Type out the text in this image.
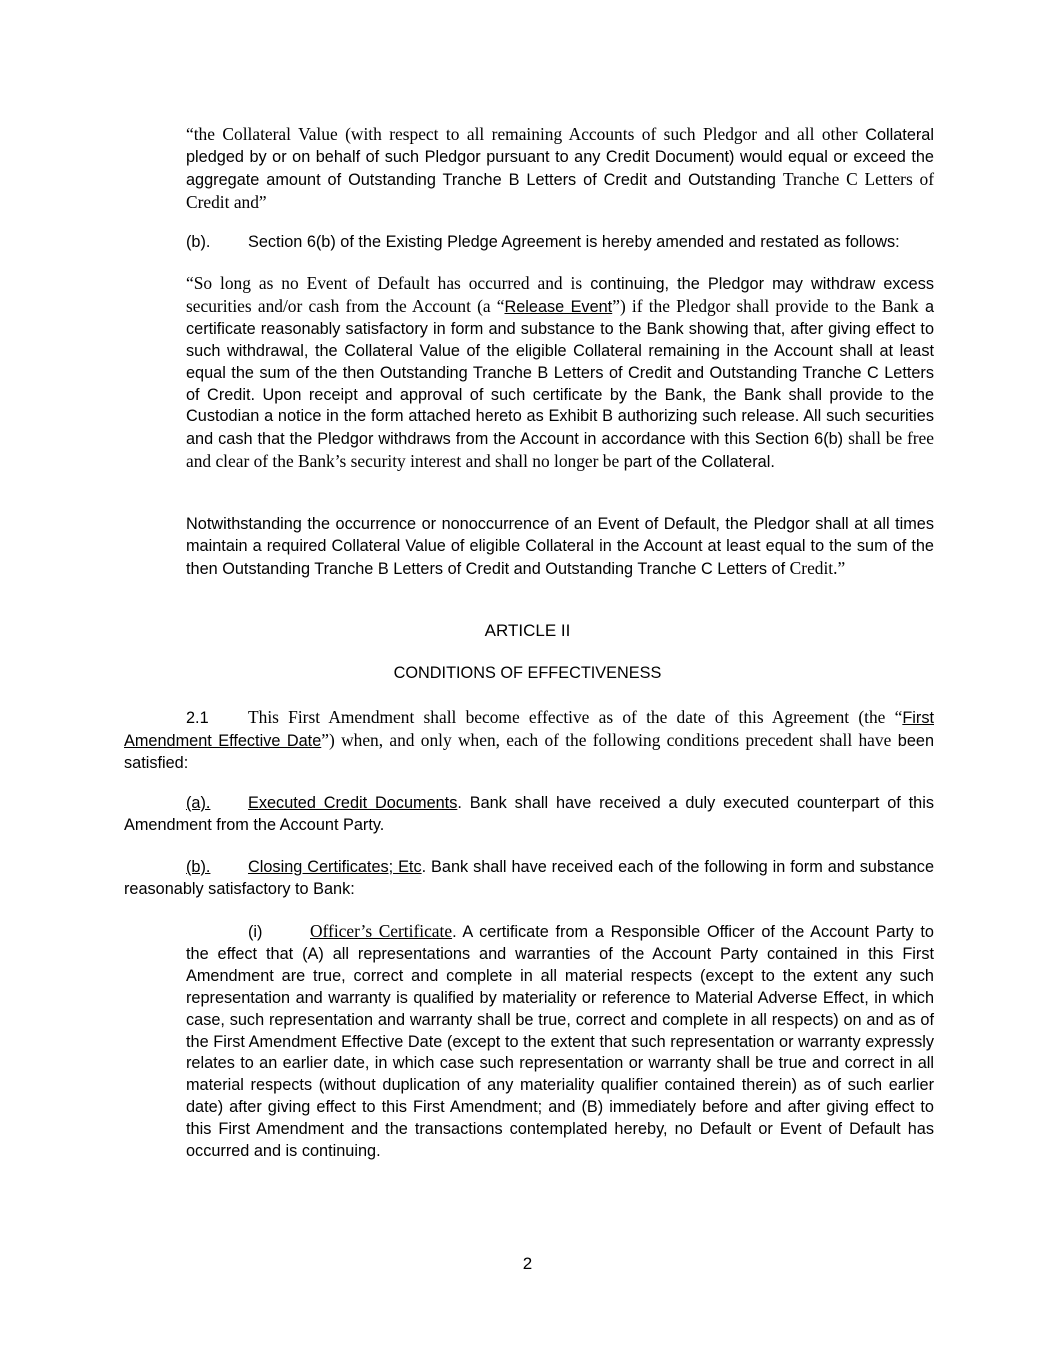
“the Collateral Value (with respect to all remaining Accounts of such Pledgor and all other Collateral pledged by or on behalf of such Pledgor pursuant to any Credit Document) would equal or exceed the aggregate amount of Outstanding Tranche B Letters of Credit and Outstanding Tranche C Letters of Credit and”

(b). Section 6(b) of the Existing Pledge Agreement is hereby amended and restated as follows:

“So long as no Event of Default has occurred and is continuing, the Pledgor may withdraw excess securities and/or cash from the Account (a “Release Event”) if the Pledgor shall provide to the Bank a certificate reasonably satisfactory in form and substance to the Bank showing that, after giving effect to such withdrawal, the Collateral Value of the eligible Collateral remaining in the Account shall at least equal the sum of the then Outstanding Tranche B Letters of Credit and Outstanding Tranche C Letters of Credit. Upon receipt and approval of such certificate by the Bank, the Bank shall provide to the Custodian a notice in the form attached hereto as Exhibit B authorizing such release. All such securities and cash that the Pledgor withdraws from the Account in accordance with this Section 6(b) shall be free and clear of the Bank’s security interest and shall no longer be part of the Collateral.

Notwithstanding the occurrence or nonoccurrence of an Event of Default, the Pledgor shall at all times maintain a required Collateral Value of eligible Collateral in the Account at least equal to the sum of the then Outstanding Tranche B Letters of Credit and Outstanding Tranche C Letters of Credit.”

ARTICLE II
CONDITIONS OF EFFECTIVENESS

2.1 This First Amendment shall become effective as of the date of this Agreement (the “First Amendment Effective Date”) when, and only when, each of the following conditions precedent shall have been satisfied:

(a). Executed Credit Documents. Bank shall have received a duly executed counterpart of this Amendment from the Account Party.

(b). Closing Certificates; Etc. Bank shall have received each of the following in form and substance reasonably satisfactory to Bank:

(i)	Officer’s Certificate. A certificate from a Responsible Officer of the Account Party to the effect that (A) all representations and warranties of the Account Party contained in this First Amendment are true, correct and complete in all material respects (except to the extent any such representation and warranty is qualified by materiality or reference to Material Adverse Effect, in which case, such representation and warranty shall be true, correct and complete in all respects) on and as of the First Amendment Effective Date (except to the extent that such representation or warranty expressly relates to an earlier date, in which case such representation or warranty shall be true and correct in all material respects (without duplication of any materiality qualifier contained therein) as of such earlier date) after giving effect to this First Amendment; and (B) immediately before and after giving effect to this First Amendment and the transactions contemplated hereby, no Default or Event of Default has occurred and is continuing.

2
